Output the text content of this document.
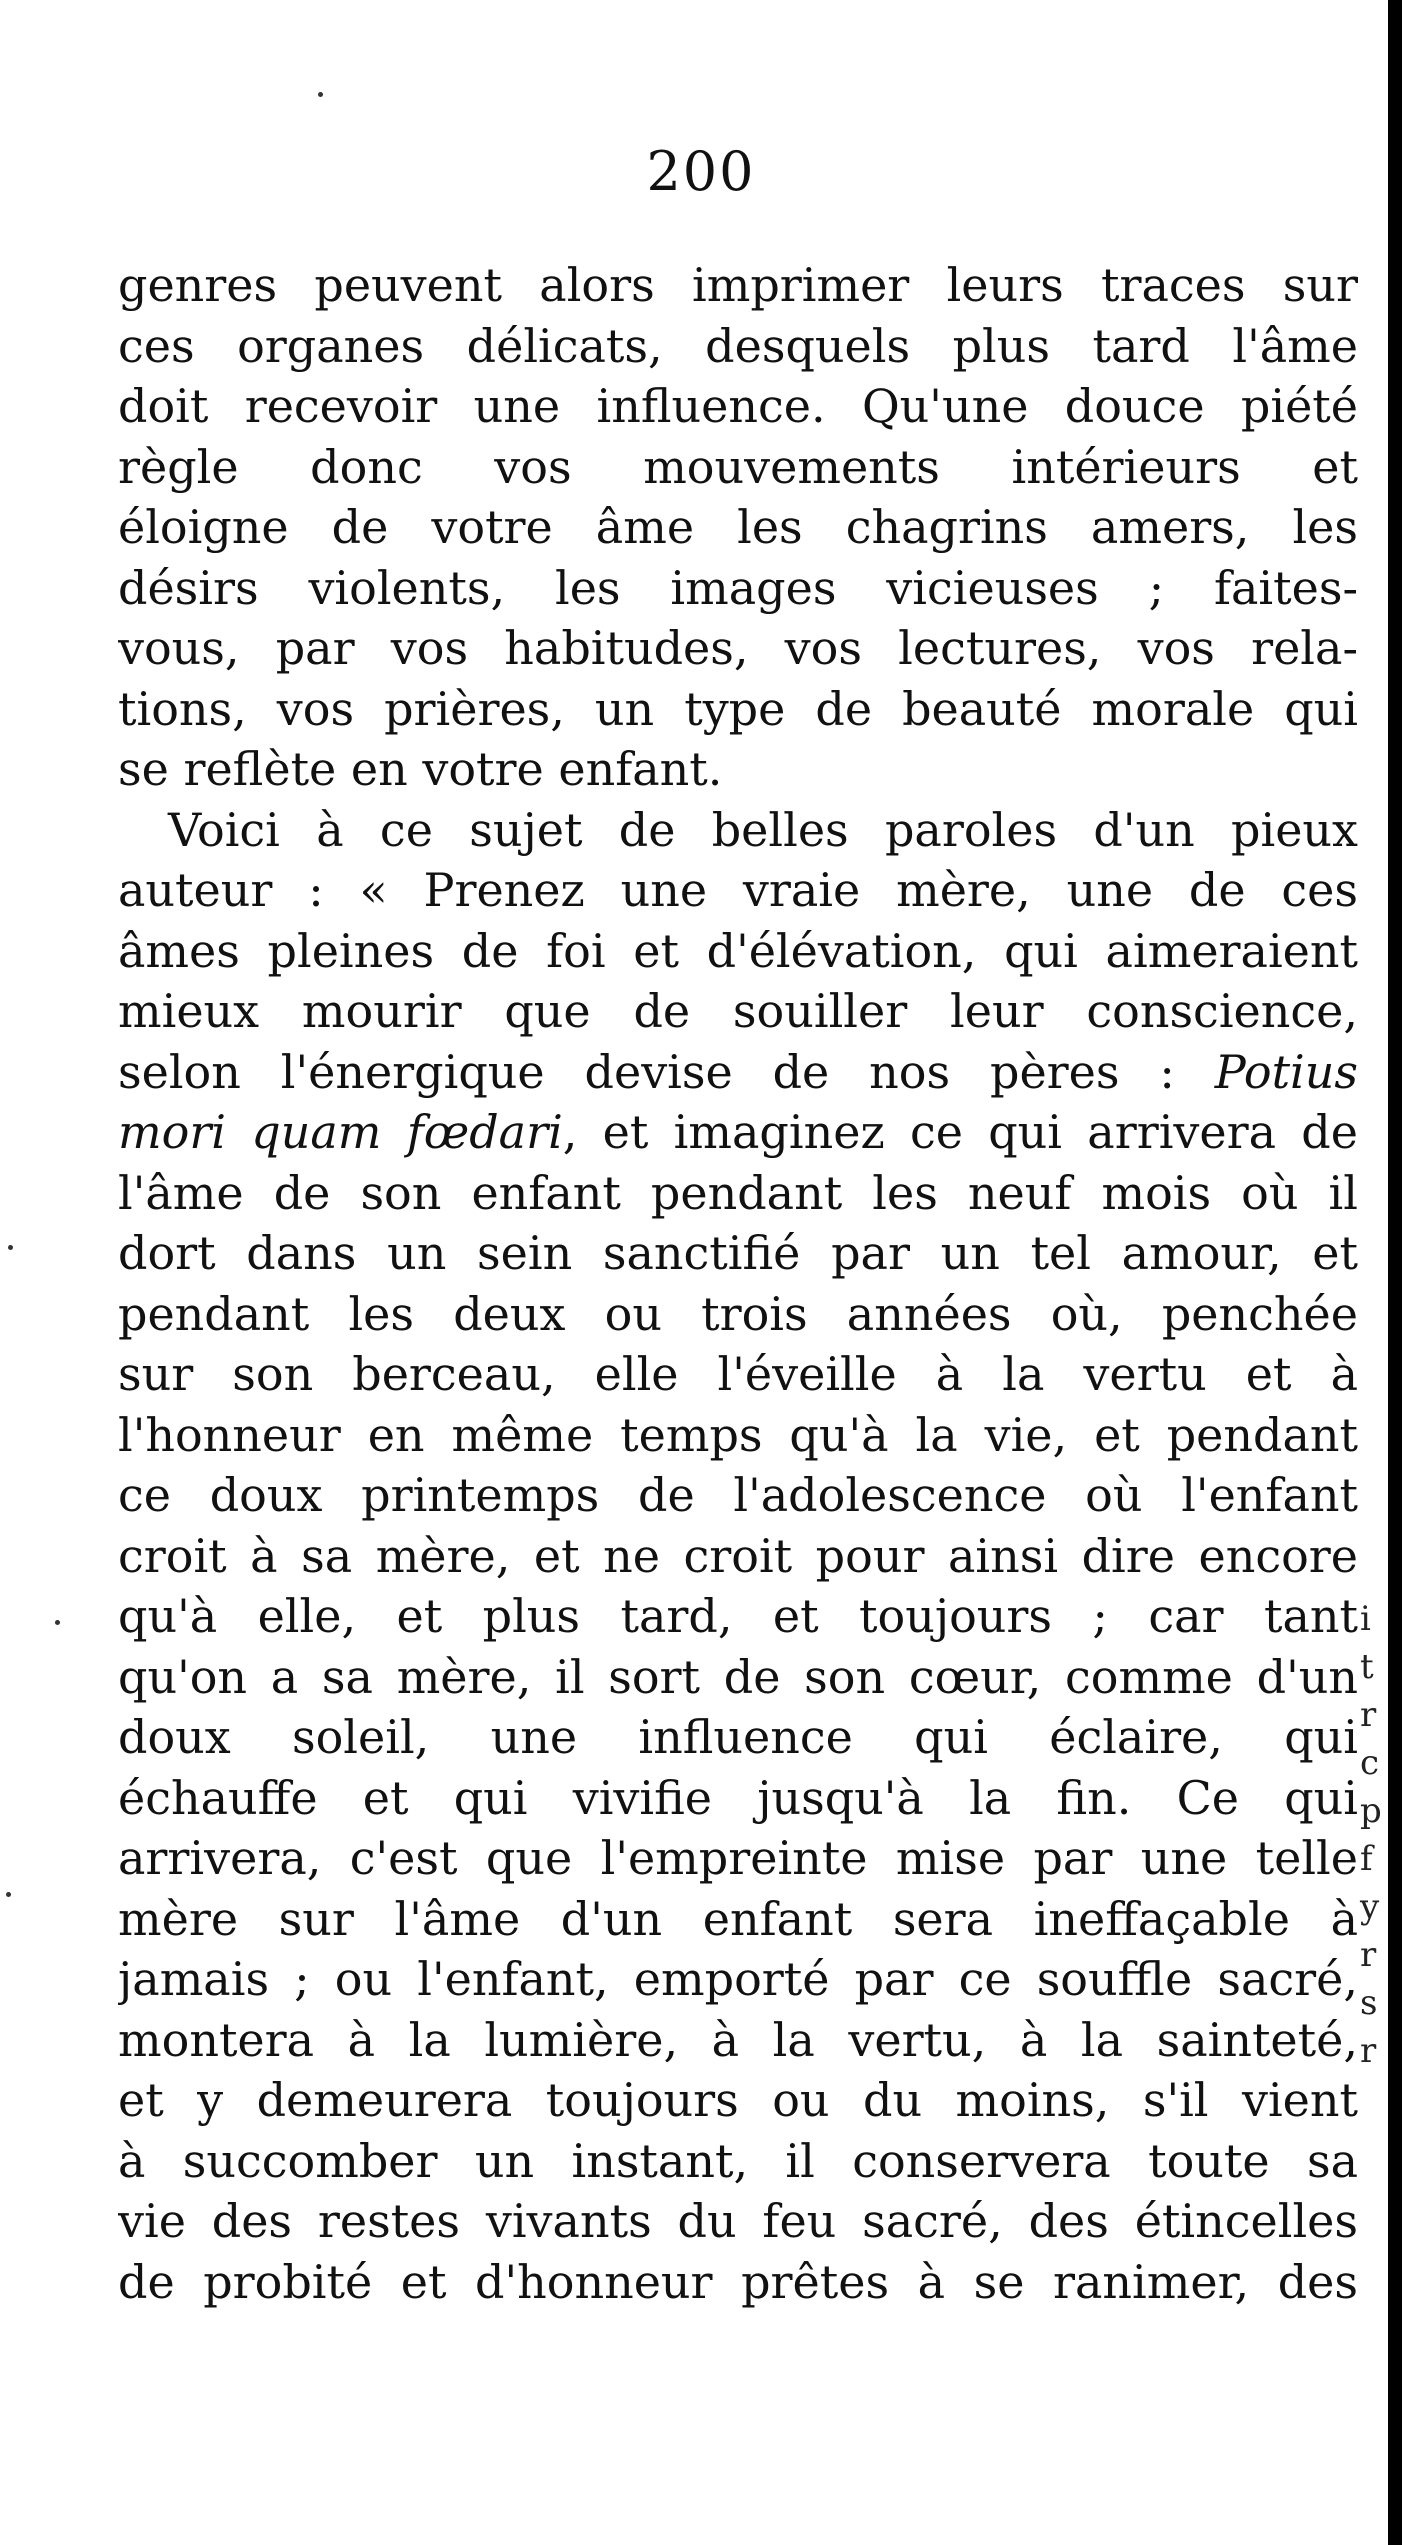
200
genres peuvent alors imprimer leurs traces sur
ces organes délicats, desquels plus tard l'âme
doit recevoir une influence. Qu'une douce piété
règle donc vos mouvements intérieurs et
éloigne de votre âme les chagrins amers, les
désirs violents, les images vicieuses ; faites-
vous, par vos habitudes, vos lectures, vos rela-
tions, vos prières, un type de beauté morale qui
se reflète en votre enfant.
Voici à ce sujet de belles paroles d'un pieux
auteur : « Prenez une vraie mère, une de ces
âmes pleines de foi et d'élévation, qui aimeraient
mieux mourir que de souiller leur conscience,
selon l'énergique devise de nos pères : Potius
mori quam fœdari, et imaginez ce qui arrivera de
l'âme de son enfant pendant les neuf mois où il
dort dans un sein sanctifié par un tel amour, et
pendant les deux ou trois années où, penchée
sur son berceau, elle l'éveille à la vertu et à
l'honneur en même temps qu'à la vie, et pendant
ce doux printemps de l'adolescence où l'enfant
croit à sa mère, et ne croit pour ainsi dire encore
qu'à elle, et plus tard, et toujours ; car tant
qu'on a sa mère, il sort de son cœur, comme d'un
doux soleil, une influence qui éclaire, qui
échauffe et qui vivifie jusqu'à la fin. Ce qui
arrivera, c'est que l'empreinte mise par une telle
mère sur l'âme d'un enfant sera ineffaçable à
jamais ; ou l'enfant, emporté par ce souffle sacré,
montera à la lumière, à la vertu, à la sainteté,
et y demeurera toujours ou du moins, s'il vient
à succomber un instant, il conservera toute sa
vie des restes vivants du feu sacré, des étincelles
de probité et d'honneur prêtes à se ranimer, des
i
t
r
c
p
f
y
r
s
r
